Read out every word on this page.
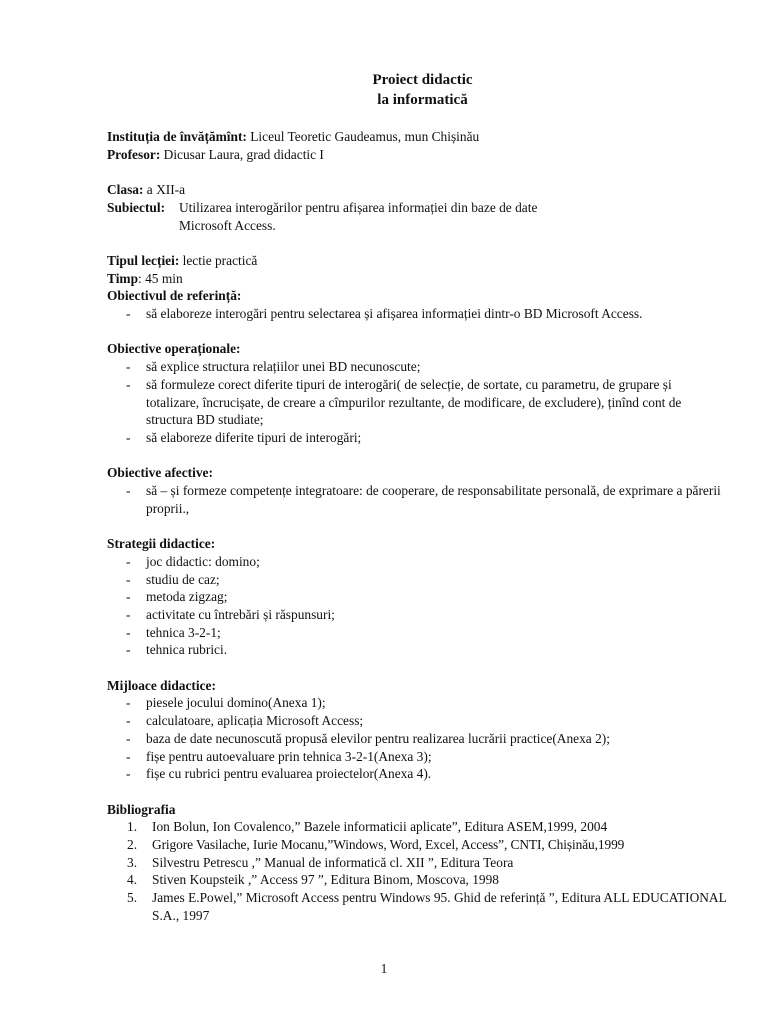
Proiect didactic
la informatică
Instituția de învățămînt: Liceul Teoretic Gaudeamus, mun Chișinău
Profesor: Dicusar Laura, grad didactic I
Clasa: a XII-a
Subiectul:	Utilizarea interogărilor pentru afișarea informației din baze de date
Microsoft Access.
Tipul lecției: lectie practică
Timp: 45 min
Obiectivul de referință:
- să elaboreze interogări pentru selectarea și afișarea informației dintr-o BD Microsoft Access.
Obiective operaționale:
- să explice structura relațiilor unei BD necunoscute;
- să formuleze corect diferite tipuri de interogări( de selecție, de sortate, cu parametru, de grupare și totalizare, încrucișate, de creare a cîmpurilor rezultante, de modificare, de excludere), ținînd cont de structura BD studiate;
- să elaboreze diferite tipuri de interogări;
Obiective afective:
- să – și formeze competențe integratoare: de cooperare, de responsabilitate personală, de exprimare a părerii proprii.,
Strategii didactice:
- joc didactic: domino;
- studiu de caz;
- metoda zigzag;
- activitate cu întrebări și răspunsuri;
- tehnica 3-2-1;
- tehnica rubrici.
Mijloace didactice:
- piesele jocului domino(Anexa 1);
- calculatoare, aplicația Microsoft Access;
- baza de date necunoscută propusă elevilor pentru realizarea lucrării practice(Anexa 2);
- fișe pentru autoevaluare prin tehnica 3-2-1(Anexa 3);
- fișe cu rubrici pentru evaluarea proiectelor(Anexa 4).
Bibliografia
1. Ion Bolun, Ion Covalenco,” Bazele informaticii aplicate”, Editura ASEM,1999, 2004
2. Grigore Vasilache, Iurie Mocanu,”Windows, Word, Excel, Access”, CNTI, Chișinău,1999
3. Silvestru Petrescu ,” Manual de informatică cl. XII ”, Editura Teora
4. Stiven Koupsteik ,” Access 97 ”, Editura Binom, Moscova, 1998
5. James E.Powel,” Microsoft Access pentru Windows 95. Ghid de referință ”, Editura ALL EDUCATIONAL S.A., 1997
1
